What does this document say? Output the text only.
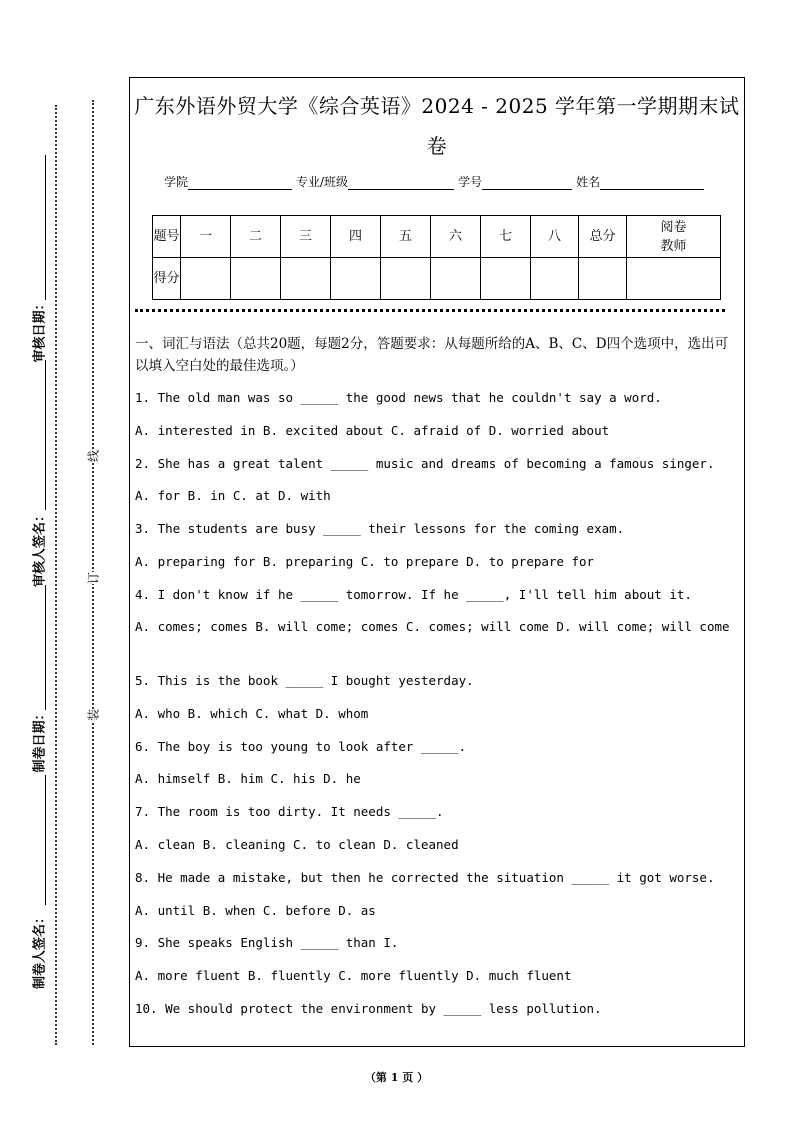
审核日期：
审核人签名：
制卷日期：
制卷人签名：
线
订
装
广东外语外贸大学《综合英语》2024 - 2025 学年第一学期期末试卷
学院	专业/班级	学号	姓名
题号	一	二	三	四	五	六	七	八	总分	阅卷教师

得分										
一、词汇与语法（总共20题，每题2分，答题要求：从每题所给的A、B、C、D四个选项中，选出可以填入空白处的最佳选项。）
1. The old man was so _____ the good news that he couldn't say a word.
A. interested in B. excited about C. afraid of D. worried about
2. She has a great talent _____ music and dreams of becoming a famous singer.
A. for B. in C. at D. with
3. The students are busy _____ their lessons for the coming exam.
A. preparing for B. preparing C. to prepare D. to prepare for
4. I don't know if he _____ tomorrow. If he _____, I'll tell him about it.
A. comes; comes B. will come; comes C. comes; will come D. will come; will come
5. This is the book _____ I bought yesterday.
A. who B. which C. what D. whom
6. The boy is too young to look after _____.
A. himself B. him C. his D. he
7. The room is too dirty. It needs _____.
A. clean B. cleaning C. to clean D. cleaned
8. He made a mistake, but then he corrected the situation _____ it got worse.
A. until B. when C. before D. as
9. She speaks English _____ than I.
A. more fluent B. fluently C. more fluently D. much fluent
10. We should protect the environment by _____ less pollution.
（第 1 页 ）
